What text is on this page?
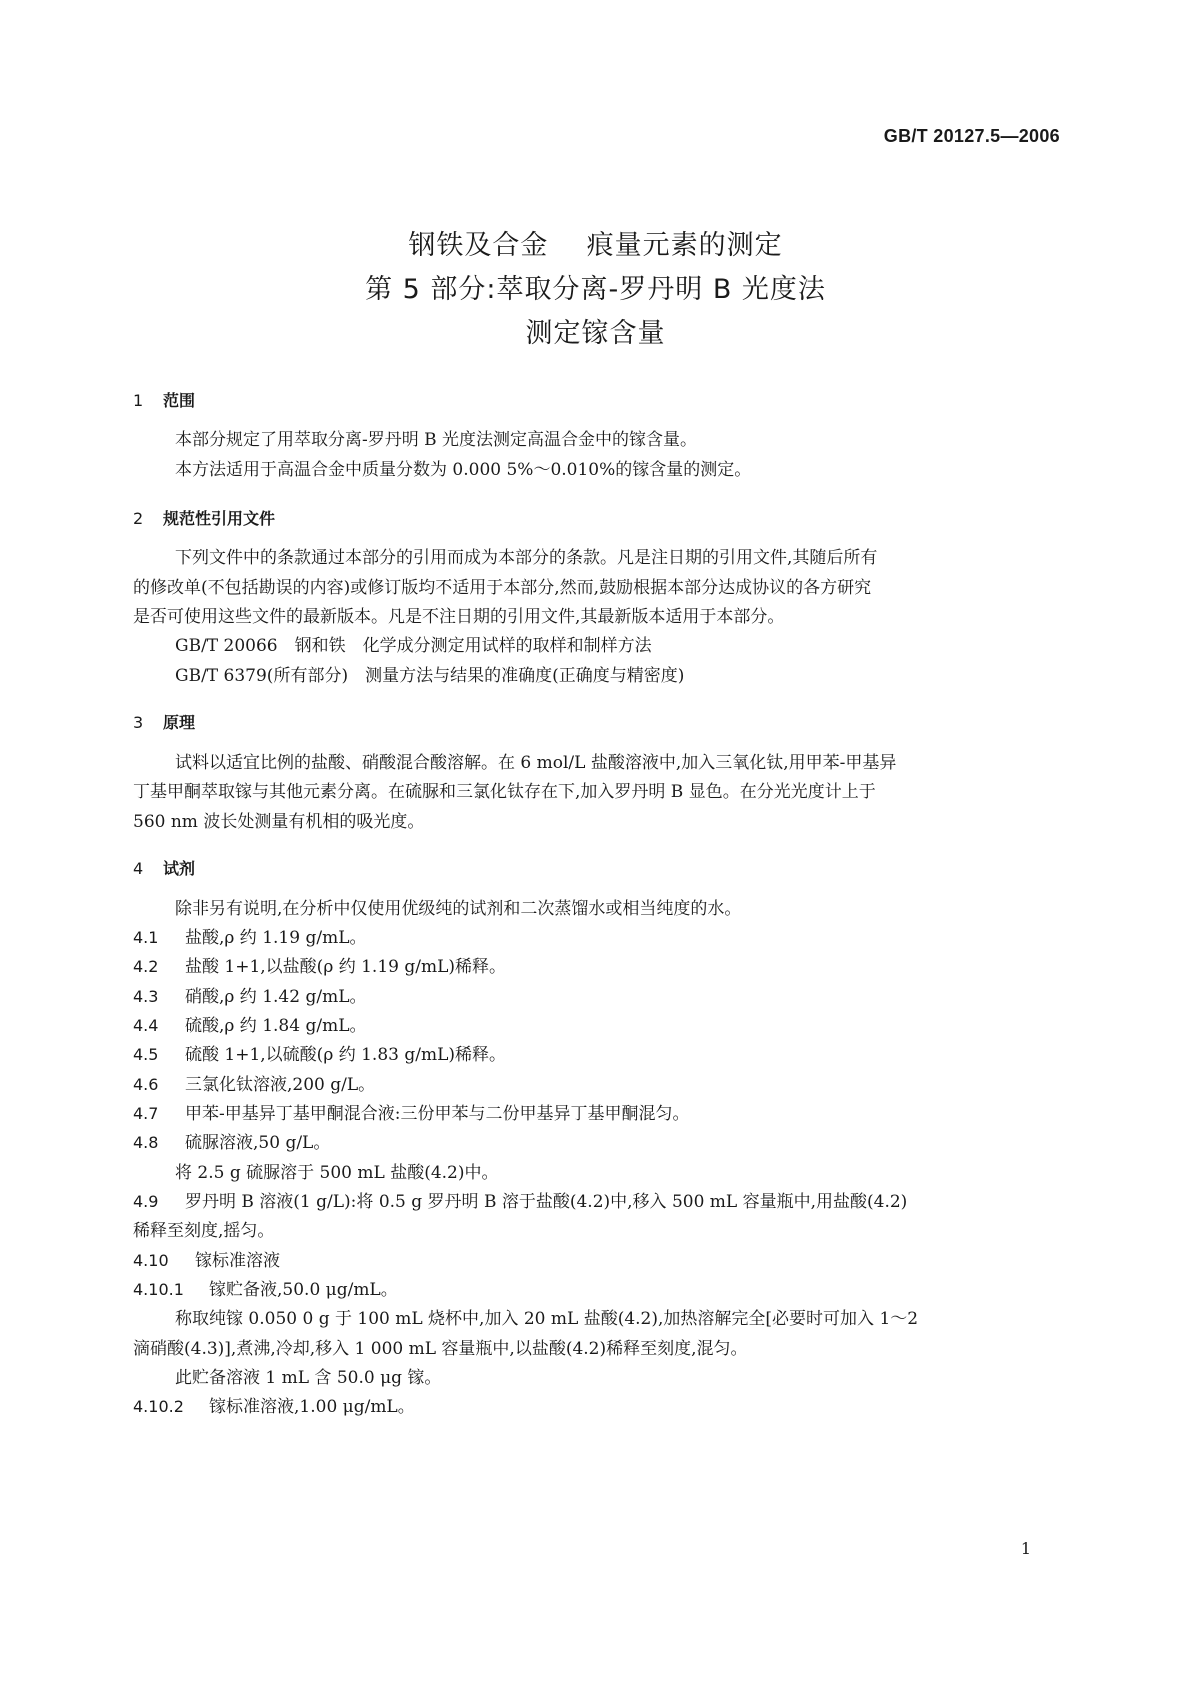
GB/T 20127.5—2006
钢铁及合金 痕量元素的测定
第 5 部分:萃取分离-罗丹明 B 光度法
测定镓含量
1 范围
本部分规定了用萃取分离-罗丹明 B 光度法测定高温合金中的镓含量。
本方法适用于高温合金中质量分数为 0.000 5%～0.010%的镓含量的测定。
2 规范性引用文件
下列文件中的条款通过本部分的引用而成为本部分的条款。凡是注日期的引用文件,其随后所有
的修改单(不包括勘误的内容)或修订版均不适用于本部分,然而,鼓励根据本部分达成协议的各方研究
是否可使用这些文件的最新版本。凡是不注日期的引用文件,其最新版本适用于本部分。
GB/T 20066　钢和铁　化学成分测定用试样的取样和制样方法
GB/T 6379(所有部分)　测量方法与结果的准确度(正确度与精密度)
3 原理
试料以适宜比例的盐酸、硝酸混合酸溶解。在 6 mol/L 盐酸溶液中,加入三氧化钛,用甲苯-甲基异
丁基甲酮萃取镓与其他元素分离。在硫脲和三氯化钛存在下,加入罗丹明 B 显色。在分光光度计上于
560 nm 波长处测量有机相的吸光度。
4 试剂
除非另有说明,在分析中仅使用优级纯的试剂和二次蒸馏水或相当纯度的水。
4.1 盐酸,ρ 约 1.19 g/mL。
4.2 盐酸 1+1,以盐酸(ρ 约 1.19 g/mL)稀释。
4.3 硝酸,ρ 约 1.42 g/mL。
4.4 硫酸,ρ 约 1.84 g/mL。
4.5 硫酸 1+1,以硫酸(ρ 约 1.83 g/mL)稀释。
4.6 三氯化钛溶液,200 g/L。
4.7 甲苯-甲基异丁基甲酮混合液:三份甲苯与二份甲基异丁基甲酮混匀。
4.8 硫脲溶液,50 g/L。
将 2.5 g 硫脲溶于 500 mL 盐酸(4.2)中。
4.9 罗丹明 B 溶液(1 g/L):将 0.5 g 罗丹明 B 溶于盐酸(4.2)中,移入 500 mL 容量瓶中,用盐酸(4.2)
稀释至刻度,摇匀。
4.10 镓标准溶液
4.10.1 镓贮备液,50.0 μg/mL。
称取纯镓 0.050 0 g 于 100 mL 烧杯中,加入 20 mL 盐酸(4.2),加热溶解完全[必要时可加入 1～2
滴硝酸(4.3)],煮沸,冷却,移入 1 000 mL 容量瓶中,以盐酸(4.2)稀释至刻度,混匀。
此贮备溶液 1 mL 含 50.0 μg 镓。
4.10.2 镓标准溶液,1.00 μg/mL。
1
